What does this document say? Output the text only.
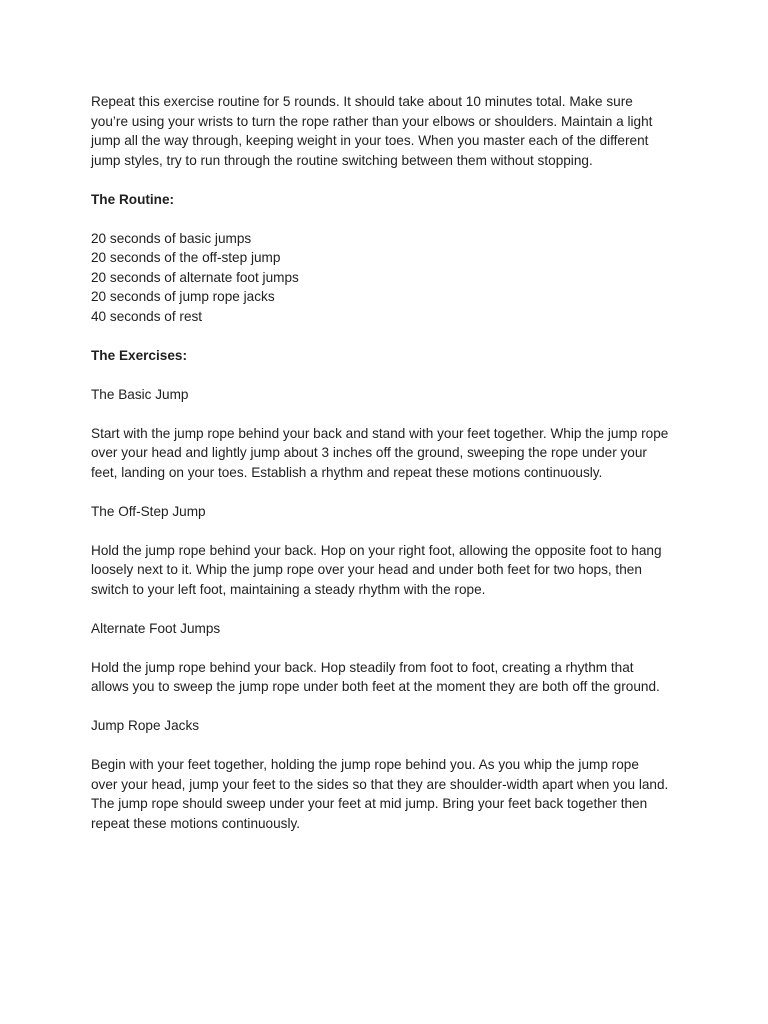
Repeat this exercise routine for 5 rounds. It should take about 10 minutes total. Make sure
you’re using your wrists to turn the rope rather than your elbows or shoulders. Maintain a light
jump all the way through, keeping weight in your toes. When you master each of the different
jump styles, try to run through the routine switching between them without stopping.

The Routine:

20 seconds of basic jumps
20 seconds of the off-step jump
20 seconds of alternate foot jumps
20 seconds of jump rope jacks
40 seconds of rest

The Exercises:

The Basic Jump

Start with the jump rope behind your back and stand with your feet together. Whip the jump rope
over your head and lightly jump about 3 inches off the ground, sweeping the rope under your
feet, landing on your toes. Establish a rhythm and repeat these motions continuously.

The Off-Step Jump

Hold the jump rope behind your back. Hop on your right foot, allowing the opposite foot to hang
loosely next to it. Whip the jump rope over your head and under both feet for two hops, then
switch to your left foot, maintaining a steady rhythm with the rope.

Alternate Foot Jumps

Hold the jump rope behind your back. Hop steadily from foot to foot, creating a rhythm that
allows you to sweep the jump rope under both feet at the moment they are both off the ground.

Jump Rope Jacks

Begin with your feet together, holding the jump rope behind you. As you whip the jump rope
over your head, jump your feet to the sides so that they are shoulder-width apart when you land.
The jump rope should sweep under your feet at mid jump. Bring your feet back together then
repeat these motions continuously.
